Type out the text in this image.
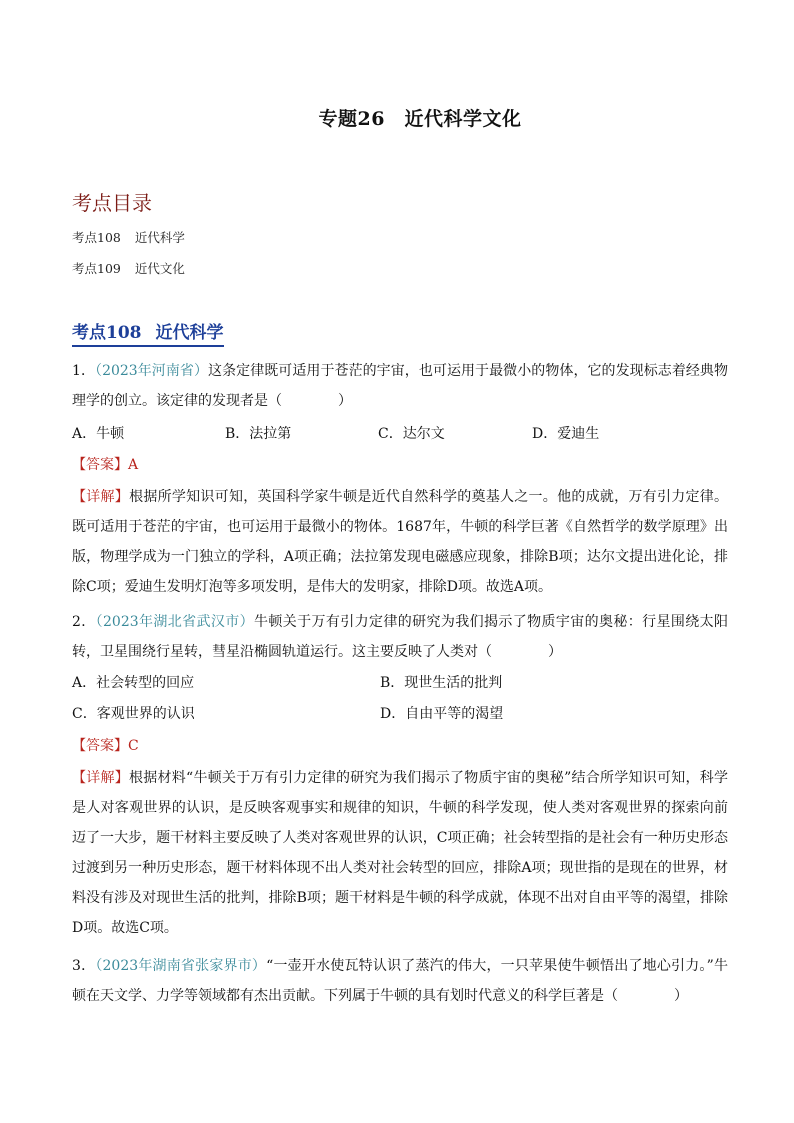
专题26　近代科学文化
考点目录
考点108 近代科学
考点109 近代文化
考点108 近代科学
1．（2023年河南省）这条定律既可适用于苍茫的宇宙，也可运用于最微小的物体，它的发现标志着经典物理学的创立。该定律的发现者是（　　　　）
A．牛顿	B．法拉第	C．达尔文	D．爱迪生
【答案】A
【详解】根据所学知识可知，英国科学家牛顿是近代自然科学的奠基人之一。他的成就，万有引力定律。既可适用于苍茫的宇宙，也可运用于最微小的物体。1687年，牛顿的科学巨著《自然哲学的数学原理》出版，物理学成为一门独立的学科，A项正确；法拉第发现电磁感应现象，排除B项；达尔文提出进化论，排除C项；爱迪生发明灯泡等多项发明，是伟大的发明家，排除D项。故选A项。
2．（2023年湖北省武汉市）牛顿关于万有引力定律的研究为我们揭示了物质宇宙的奥秘：行星围绕太阳转，卫星围绕行星转，彗星沿椭圆轨道运行。这主要反映了人类对（　　　　）
A．社会转型的回应	B．现世生活的批判
C．客观世界的认识	D．自由平等的渴望
【答案】C
【详解】根据材料“牛顿关于万有引力定律的研究为我们揭示了物质宇宙的奥秘”结合所学知识可知，科学是人对客观世界的认识，是反映客观事实和规律的知识，牛顿的科学发现，使人类对客观世界的探索向前迈了一大步，题干材料主要反映了人类对客观世界的认识，C项正确；社会转型指的是社会有一种历史形态过渡到另一种历史形态，题干材料体现不出人类对社会转型的回应，排除A项；现世指的是现在的世界，材料没有涉及对现世生活的批判，排除B项；题干材料是牛顿的科学成就，体现不出对自由平等的渴望，排除D项。故选C项。
3．（2023年湖南省张家界市）“一壶开水使瓦特认识了蒸汽的伟大，一只苹果使牛顿悟出了地心引力。”牛顿在天文学、力学等领域都有杰出贡献。下列属于牛顿的具有划时代意义的科学巨著是（　　　　）
